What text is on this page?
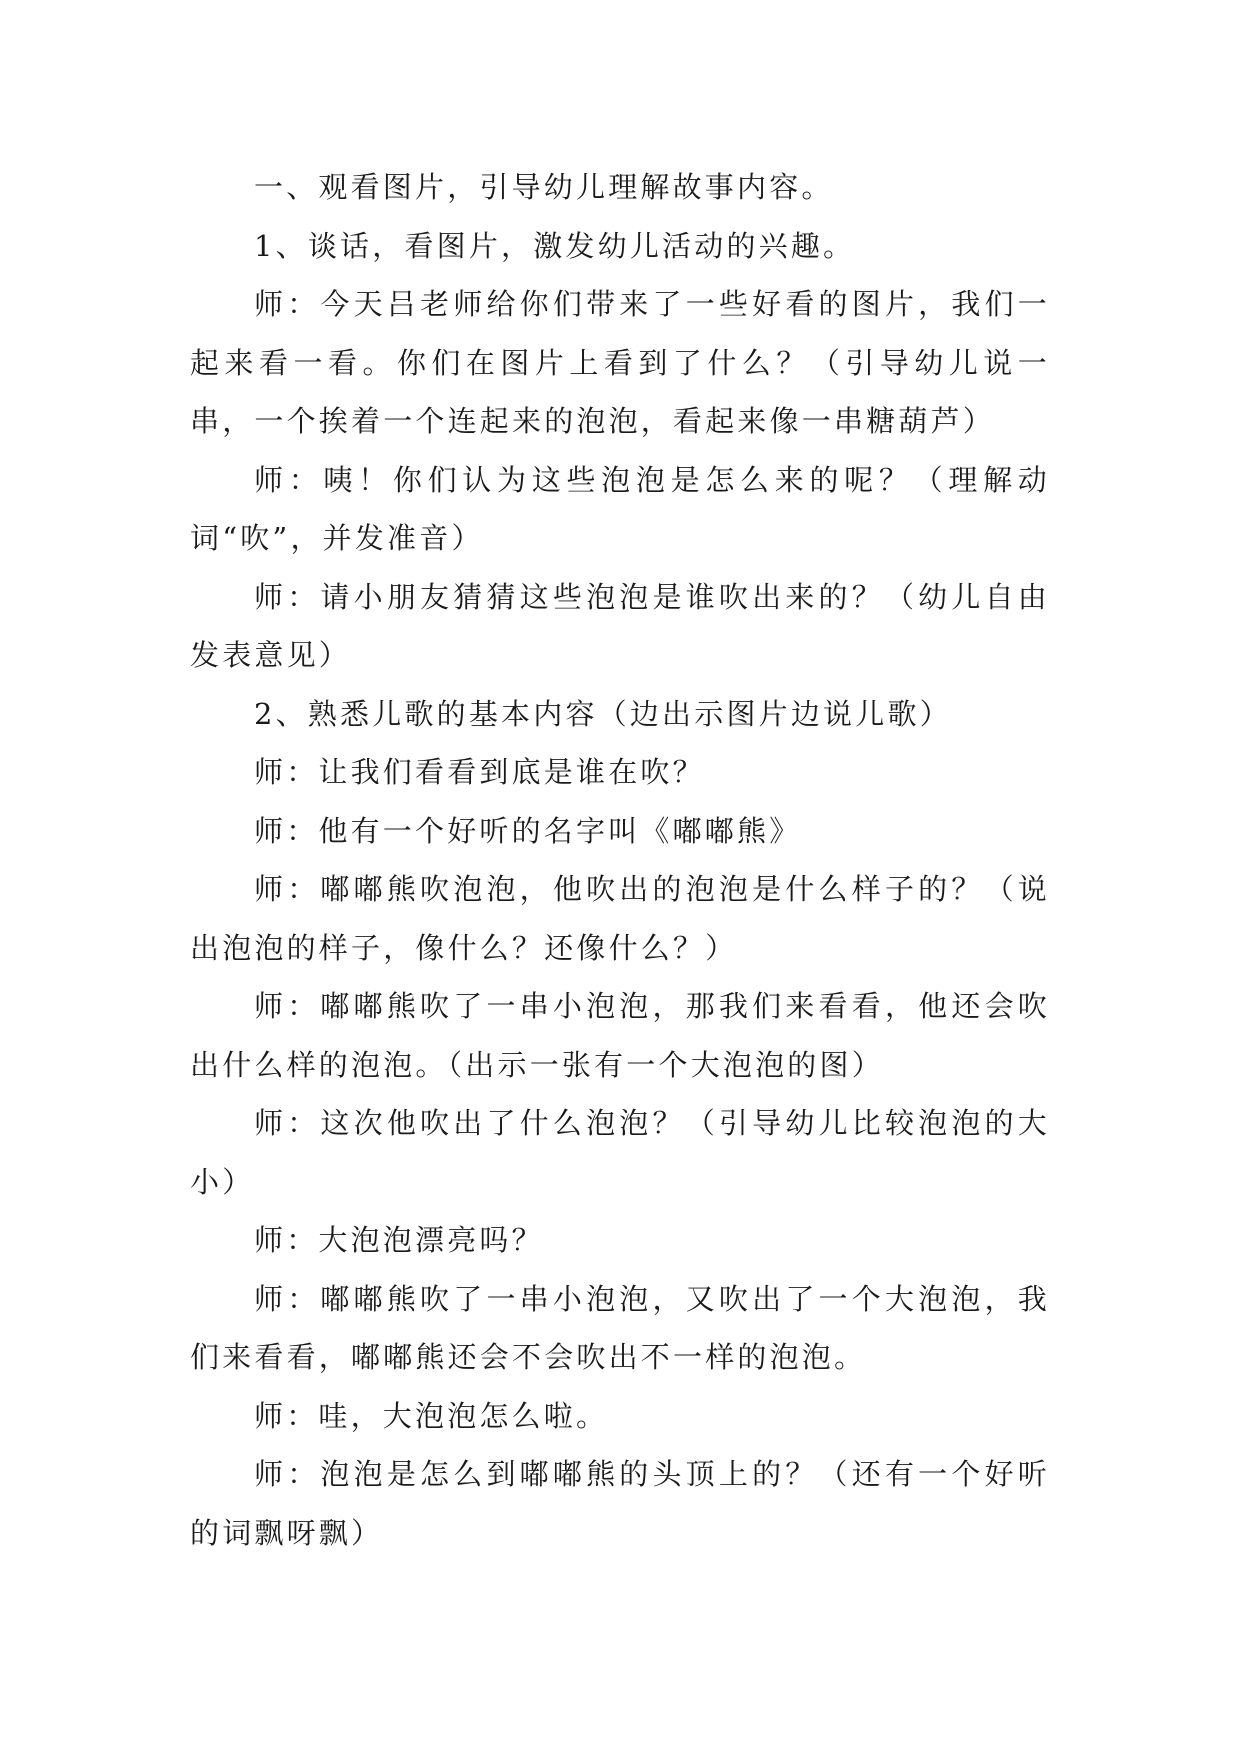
一、观看图片，引导幼儿理解故事内容。

1、谈话，看图片，激发幼儿活动的兴趣。

师：今天吕老师给你们带来了一些好看的图片，我们一起来看一看。你们在图片上看到了什么？（引导幼儿说一串，一个挨着一个连起来的泡泡，看起来像一串糖葫芦）

师：咦！你们认为这些泡泡是怎么来的呢？（理解动词“吹”，并发准音）

师：请小朋友猜猜这些泡泡是谁吹出来的？（幼儿自由发表意见）

2、熟悉儿歌的基本内容（边出示图片边说儿歌）

师：让我们看看到底是谁在吹？

师：他有一个好听的名字叫《嘟嘟熊》

师：嘟嘟熊吹泡泡，他吹出的泡泡是什么样子的？（说出泡泡的样子，像什么？还像什么？）

师：嘟嘟熊吹了一串小泡泡，那我们来看看，他还会吹出什么样的泡泡。（出示一张有一个大泡泡的图）

师：这次他吹出了什么泡泡？（引导幼儿比较泡泡的大小）

师：大泡泡漂亮吗？

师：嘟嘟熊吹了一串小泡泡，又吹出了一个大泡泡，我们来看看，嘟嘟熊还会不会吹出不一样的泡泡。

师：哇，大泡泡怎么啦。

师：泡泡是怎么到嘟嘟熊的头顶上的？（还有一个好听的词飘呀飘）
